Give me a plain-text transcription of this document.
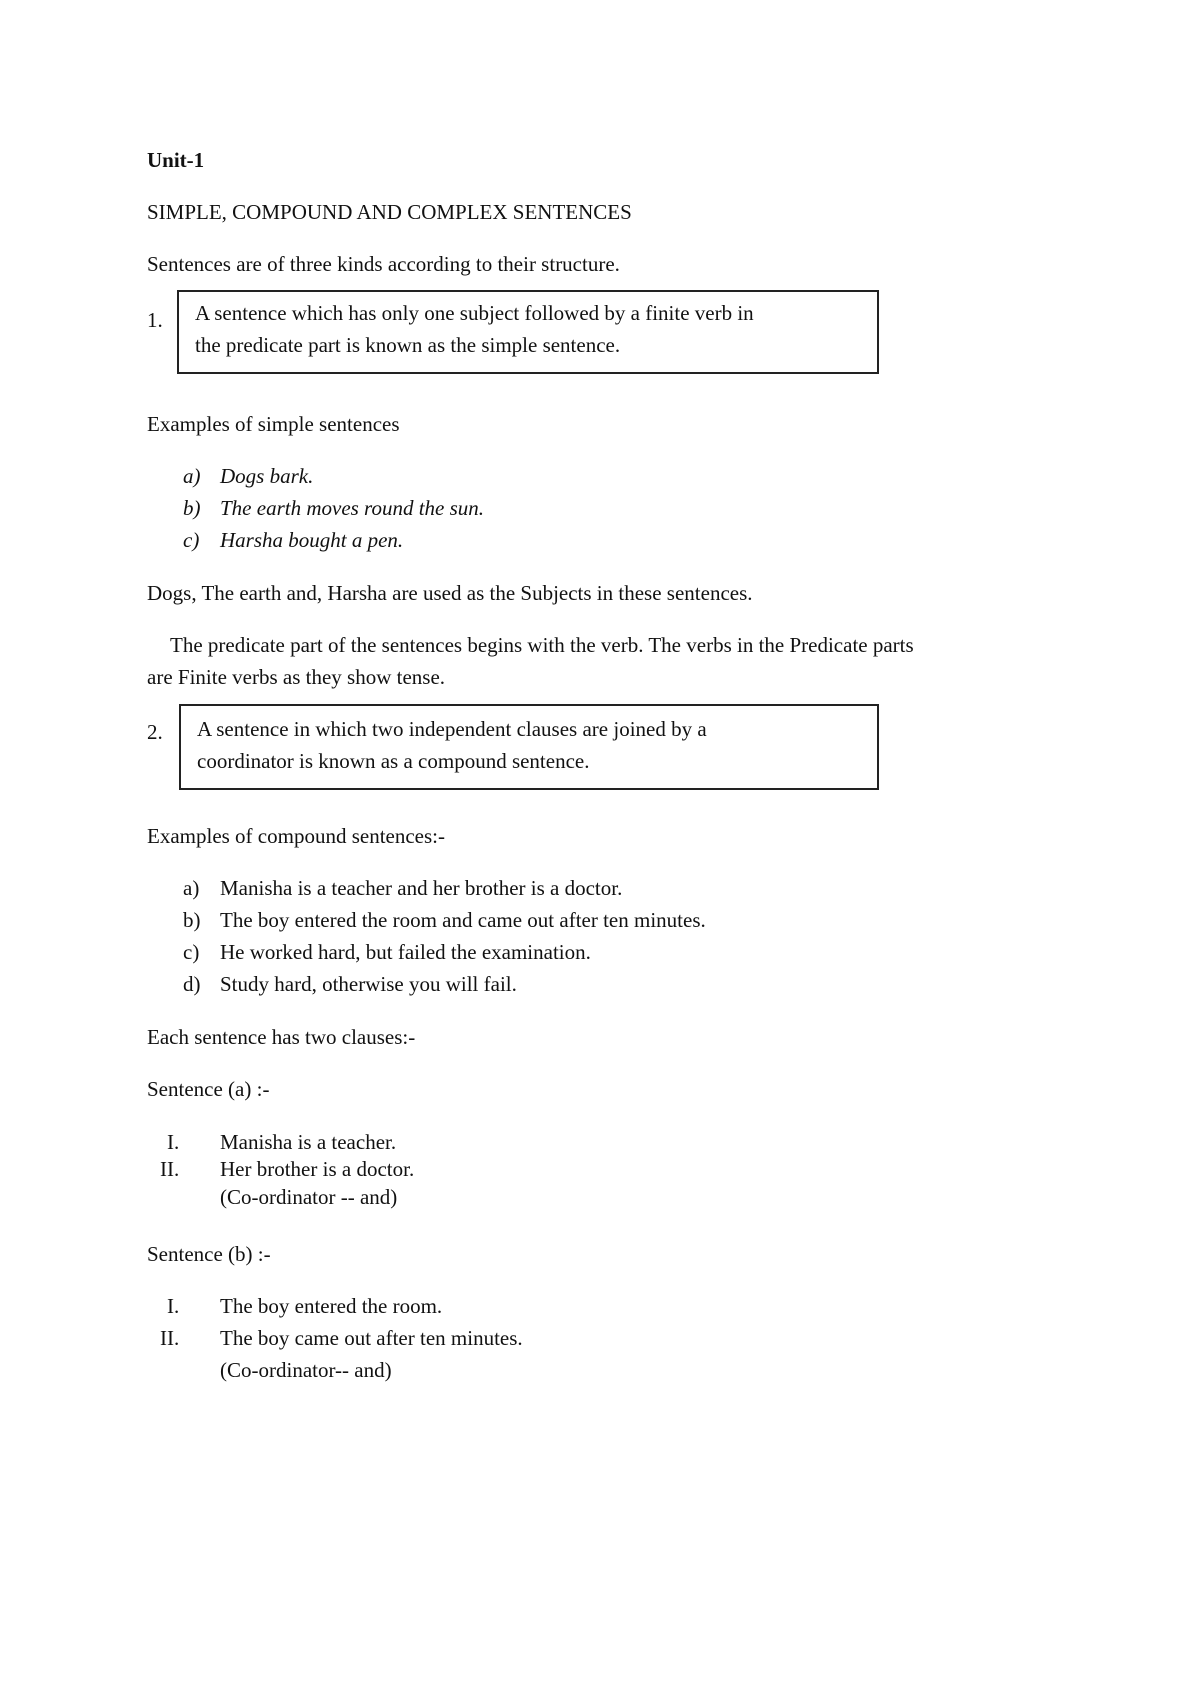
Unit-1
SIMPLE, COMPOUND AND COMPLEX SENTENCES
Sentences are of three kinds according to their structure.
1. A sentence which has only one subject followed by a finite verb in
the predicate part is known as the simple sentence.
Examples of simple sentences
a) Dogs bark.
b) The earth moves round the sun.
c) Harsha bought a pen.
Dogs, The earth and, Harsha are used as the Subjects in these sentences.
The predicate part of the sentences begins with the verb. The verbs in the Predicate parts
are Finite verbs as they show tense.
2. A sentence in which two independent clauses are joined by a
coordinator is known as a compound sentence.
Examples of compound sentences:-
a) Manisha is a teacher and her brother is a doctor.
b) The boy entered the room and came out after ten minutes.
c) He worked hard, but failed the examination.
d) Study hard, otherwise you will fail.
Each sentence has two clauses:-
Sentence (a) :-
I. Manisha is a teacher.
II. Her brother is a doctor.
(Co-ordinator -- and)
Sentence (b) :-
I. The boy entered the room.
II. The boy came out after ten minutes.
(Co-ordinator-- and)
